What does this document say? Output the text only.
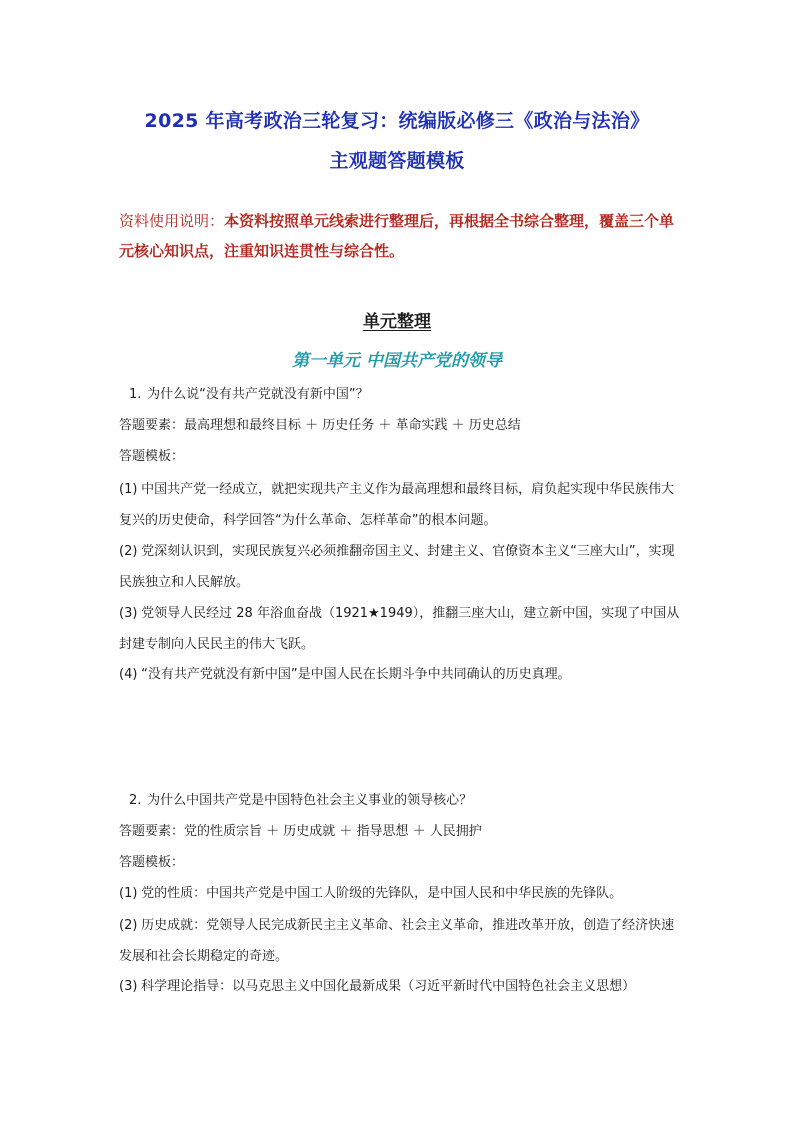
2025 年高考政治三轮复习：统编版必修三《政治与法治》
主观题答题模板
资料使用说明：本资料按照单元线索进行整理后，再根据全书综合整理，覆盖三个单元核心知识点，注重知识连贯性与综合性。
单元整理
第一单元 中国共产党的领导
1. 为什么说“没有共产党就没有新中国”？
答题要素：最高理想和最终目标 ＋ 历史任务 ＋ 革命实践 ＋ 历史总结
答题模板：
(1) 中国共产党一经成立，就把实现共产主义作为最高理想和最终目标，肩负起实现中华民族伟大复兴的历史使命，科学回答“为什么革命、怎样革命”的根本问题。
(2) 党深刻认识到，实现民族复兴必须推翻帝国主义、封建主义、官僚资本主义“三座大山”，实现民族独立和人民解放。
(3) 党领导人民经过 28 年浴血奋战（1921★1949），推翻三座大山，建立新中国，实现了中国从封建专制向人民民主的伟大飞跃。
(4) “没有共产党就没有新中国”是中国人民在长期斗争中共同确认的历史真理。
2. 为什么中国共产党是中国特色社会主义事业的领导核心？
答题要素：党的性质宗旨 ＋ 历史成就 ＋ 指导思想 ＋ 人民拥护
答题模板：
(1) 党的性质：中国共产党是中国工人阶级的先锋队，是中国人民和中华民族的先锋队。
(2) 历史成就：党领导人民完成新民主主义革命、社会主义革命，推进改革开放，创造了经济快速发展和社会长期稳定的奇迹。
(3) 科学理论指导：以马克思主义中国化最新成果（习近平新时代中国特色社会主义思想）
